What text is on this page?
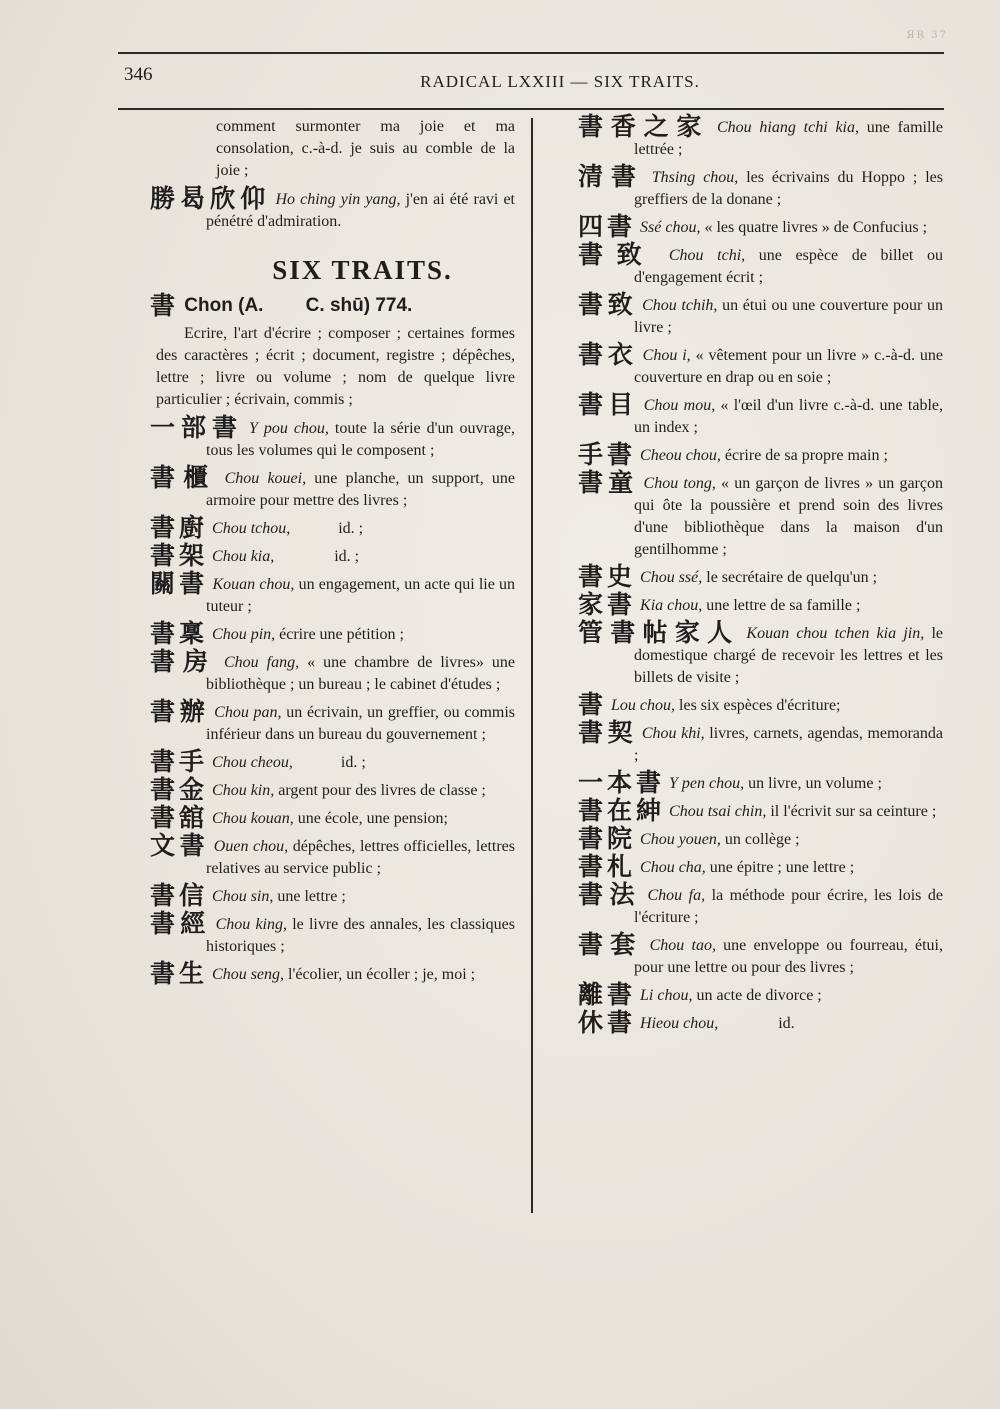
ЯŖ 37
346	RADICAL LXXIII — SIX TRAITS.
comment surmonter ma joie et ma consolation, c.-à-d. je suis au comble de la joie ;
勝曷欣仰 Ho ching yin yang, j'en ai été ravi et pénétré d'admiration.
SIX TRAITS.
書 Chon (A.        C. shū) 774.
Ecrire, l'art d'écrire ; composer ; certaines formes des caractères ; écrit ; document, registre ; dépêches, lettre ; livre ou volume ; nom de quelque livre particulier ; écrivain, commis ;
一部書 Y pou chou, toute la série d'un ouvrage, tous les volumes qui le composent ;
書櫃 Chou kouei, une planche, un support, une armoire pour mettre des livres ;
書廚 Chou tchou,            id. ;
書架 Chou kia,               id. ;
關書 Kouan chou, un engagement, un acte qui lie un tuteur ;
書稟 Chou pin, écrire une pétition ;
書房 Chou fang, « une chambre de livres» une bibliothèque ; un bureau ; le cabinet d'études ;
書辦 Chou pan, un écrivain, un greffier, ou commis inférieur dans un bureau du gouvernement ;
書手 Chou cheou,            id. ;
書金 Chou kin, argent pour des livres de classe ;
書舘 Chou kouan, une école, une pension;
文書 Ouen chou, dépêches, lettres officielles, lettres relatives au service public ;
書信 Chou sin, une lettre ;
書經 Chou king, le livre des annales, les classiques historiques ;
書生 Chou seng, l'écolier, un écoller ; je, moi ;
書香之家 Chou hiang tchi kia, une famille lettrée ;
清書 Thsing chou, les écrivains du Hoppo ; les greffiers de la donane ;
四書 Ssé chou, « les quatre livres » de Confucius ;
書致 Chou tchi, une espèce de billet ou d'engagement écrit ;
書致 Chou tchih, un étui ou une couverture pour un livre ;
書衣 Chou i, « vêtement pour un livre » c.-à-d. une couverture en drap ou en soie ;
書目 Chou mou, « l'œil d'un livre c.-à-d. une table, un index ;
手書 Cheou chou, écrire de sa propre main ;
書童 Chou tong, « un garçon de livres » un garçon qui ôte la poussière et prend soin des livres d'une bibliothèque dans la maison d'un gentilhomme ;
書史 Chou ssé, le secrétaire de quelqu'un ;
家書 Kia chou, une lettre de sa famille ;
管書帖家人 Kouan chou tchen kia jin, le domestique chargé de recevoir les lettres et les billets de visite ;
書 Lou chou, les six espèces d'écriture;
書契 Chou khi, livres, carnets, agendas, memoranda ;
一本書 Y pen chou, un livre, un volume ;
書在紳 Chou tsai chin, il l'écrivit sur sa ceinture ;
書院 Chou youen, un collège ;
書札 Chou cha, une épitre ; une lettre ;
書法 Chou fa, la méthode pour écrire, les lois de l'écriture ;
書套 Chou tao, une enveloppe ou fourreau, étui, pour une lettre ou pour des livres ;
離書 Li chou, un acte de divorce ;
休書 Hieou chou,               id.
